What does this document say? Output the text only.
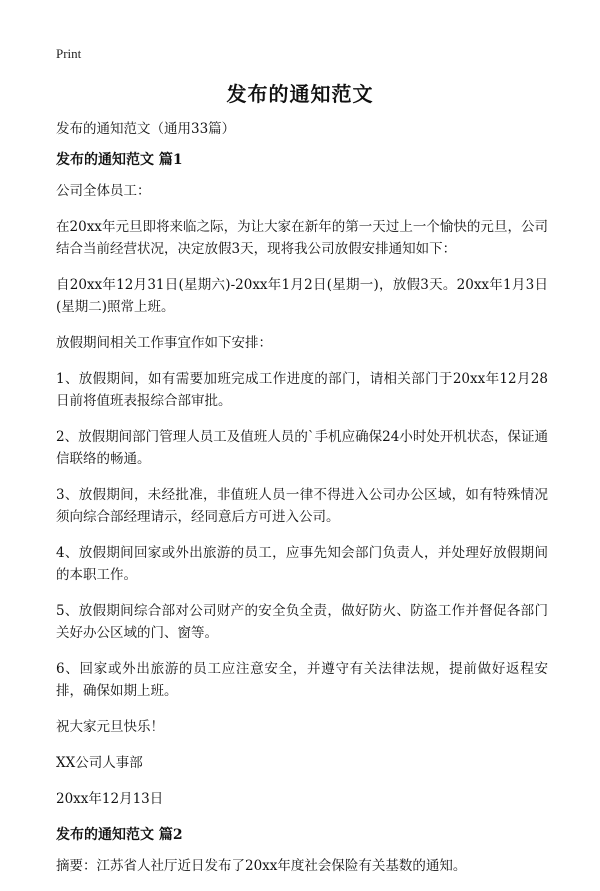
Print
发布的通知范文

发布的通知范文（通用33篇）

发布的通知范文 篇1

公司全体员工：

在20xx年元旦即将来临之际，为让大家在新年的第一天过上一个愉快的元旦，公司结合当前经营状况，决定放假3天，现将我公司放假安排通知如下：

自20xx年12月31日(星期六)-20xx年1月2日(星期一)，放假3天。20xx年1月3日(星期二)照常上班。

放假期间相关工作事宜作如下安排：

1、放假期间，如有需要加班完成工作进度的部门，请相关部门于20xx年12月28日前将值班表报综合部审批。

2、放假期间部门管理人员工及值班人员的`手机应确保24小时处开机状态，保证通信联络的畅通。

3、放假期间，未经批准，非值班人员一律不得进入公司办公区域，如有特殊情况须向综合部经理请示，经同意后方可进入公司。

4、放假期间回家或外出旅游的员工，应事先知会部门负责人，并处理好放假期间的本职工作。

5、放假期间综合部对公司财产的安全负全责，做好防火、防盗工作并督促各部门关好办公区域的门、窗等。

6、回家或外出旅游的员工应注意安全，并遵守有关法律法规，提前做好返程安排，确保如期上班。

祝大家元旦快乐！

XX公司人事部

20xx年12月13日

发布的通知范文 篇2

摘要：江苏省人社厅近日发布了20xx年度社会保险有关基数的通知。
